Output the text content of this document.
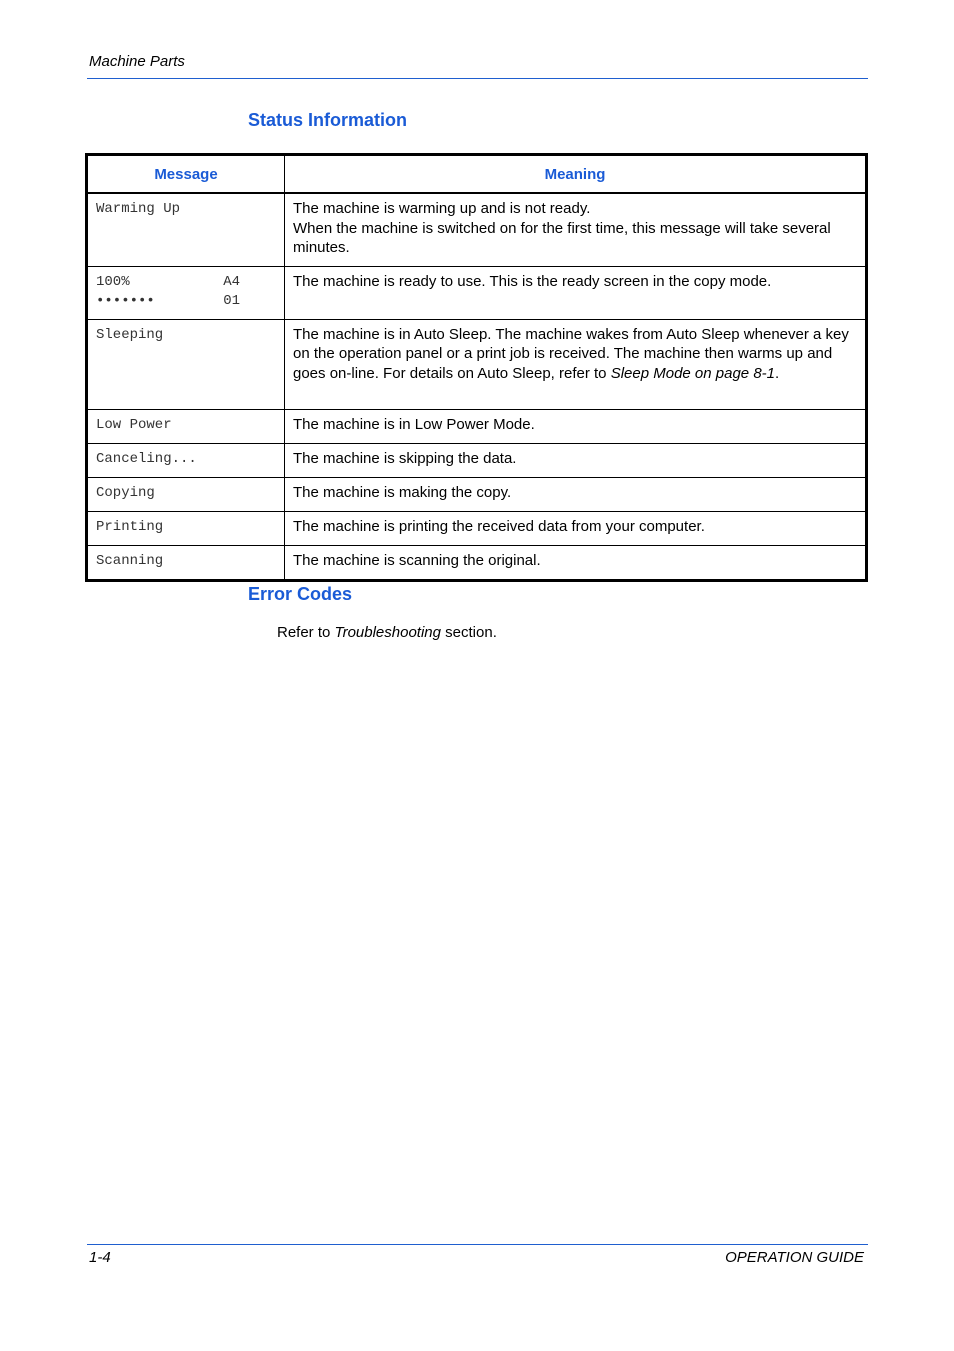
Machine Parts
Status Information
Message	Meaning
Warming Up	The machine is warming up and is not ready.
When the machine is switched on for the first time, this message will take several minutes.

100% A4
••••••• 01	The machine is ready to use. This is the ready screen in the copy mode.
Sleeping	The machine is in Auto Sleep. The machine wakes from Auto Sleep whenever a key on the operation panel or a print job is received. The machine then warms up and goes on-line. For details on Auto Sleep, refer to Sleep Mode on page 8-1.
Low Power	The machine is in Low Power Mode.
Canceling...	The machine is skipping the data.
Copying	The machine is making the copy.
Printing	The machine is printing the received data from your computer.
Scanning	The machine is scanning the original.
Error Codes
Refer to Troubleshooting section.
1-4	OPERATION GUIDE
